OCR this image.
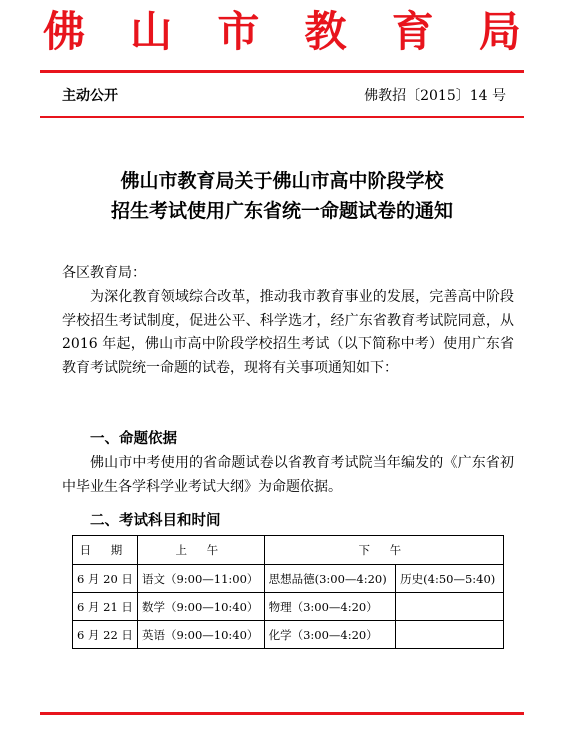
佛 山 市 教 育 局
主动公开	佛教招〔2015〕14 号
佛山市教育局关于佛山市高中阶段学校
招生考试使用广东省统一命题试卷的通知
各区教育局：
为深化教育领域综合改革，推动我市教育事业的发展，完善高中阶段学校招生考试制度，促进公平、科学选才，经广东省教育考试院同意，从 2016 年起，佛山市高中阶段学校招生考试（以下简称中考）使用广东省教育考试院统一命题的试卷，现将有关事项通知如下：
一、命题依据
佛山市中考使用的省命题试卷以省教育考试院当年编发的《广东省初中毕业生各学科学业考试大纲》为命题依据。
二、考试科目和时间
日 期	上 午	下 午	
6 月 20 日	语文（9:00—11:00）	思想品德(3:00—4:20)	历史(4:50—5:40)
6 月 21 日	数学（9:00—10:40）	物理（3:00—4:20）	
6 月 22 日	英语（9:00—10:40）	化学（3:00—4:20）	
